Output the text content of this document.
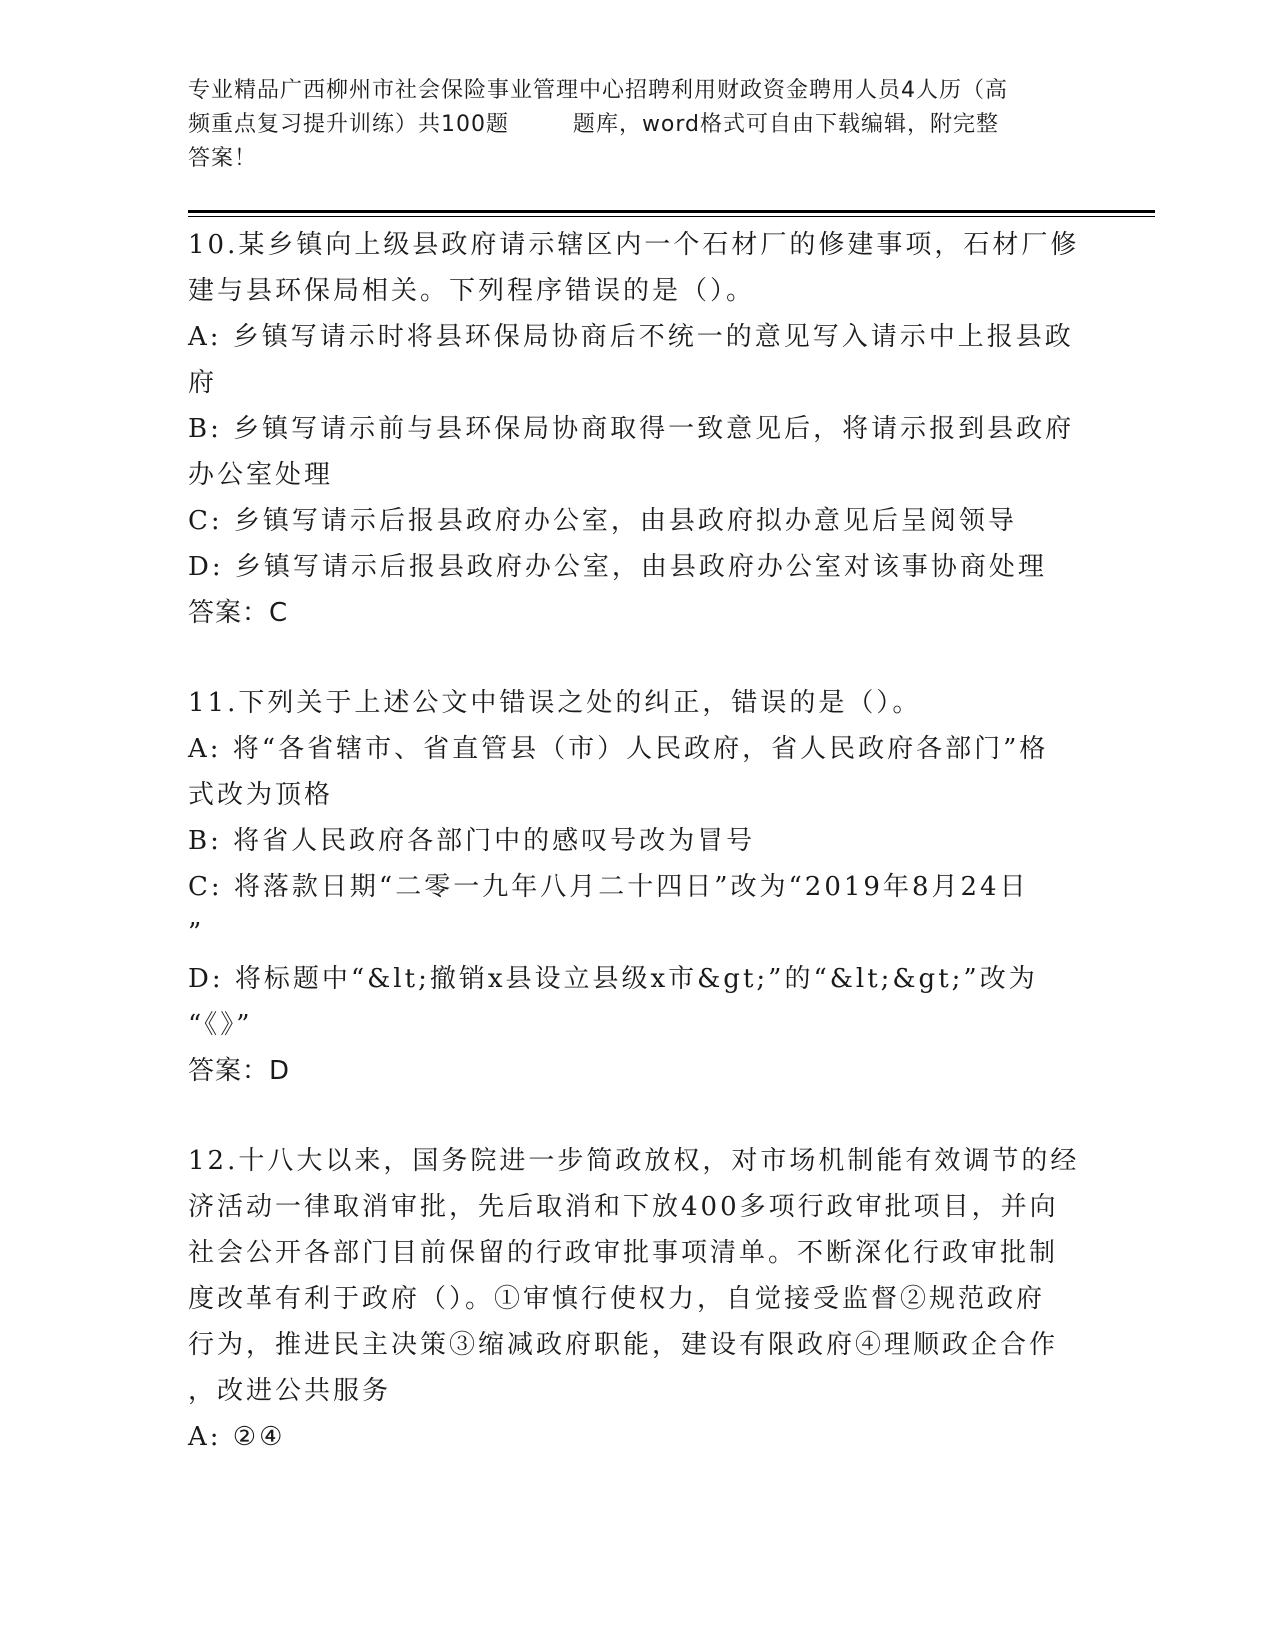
专业精品广西柳州市社会保险事业管理中心招聘利用财政资金聘用人员4人历（高

频重点复习提升训练）共100题        题库，word格式可自由下载编辑，附完整

答案！

10.某乡镇向上级县政府请示辖区内一个石材厂的修建事项，石材厂修

建与县环保局相关。下列程序错误的是（）。

A: 乡镇写请示时将县环保局协商后不统一的意见写入请示中上报县政

府

B: 乡镇写请示前与县环保局协商取得一致意见后，将请示报到县政府

办公室处理

C: 乡镇写请示后报县政府办公室，由县政府拟办意见后呈阅领导

D: 乡镇写请示后报县政府办公室，由县政府办公室对该事协商处理

答案：C

11.下列关于上述公文中错误之处的纠正，错误的是（）。

A: 将“各省辖市、省直管县（市）人民政府，省人民政府各部门”格

式改为顶格

B: 将省人民政府各部门中的感叹号改为冒号

C: 将落款日期“二零一九年八月二十四日”改为“2019年8月24日

”

D: 将标题中“&lt;撤销x县设立县级x市&gt;”的“&lt;&gt;”改为

“《》”

答案：D

12.十八大以来，国务院进一步简政放权，对市场机制能有效调节的经

济活动一律取消审批，先后取消和下放400多项行政审批项目，并向

社会公开各部门目前保留的行政审批事项清单。不断深化行政审批制

度改革有利于政府（）。①审慎行使权力，自觉接受监督②规范政府

行为，推进民主决策③缩减政府职能，建设有限政府④理顺政企合作

，改进公共服务

A: ②④
